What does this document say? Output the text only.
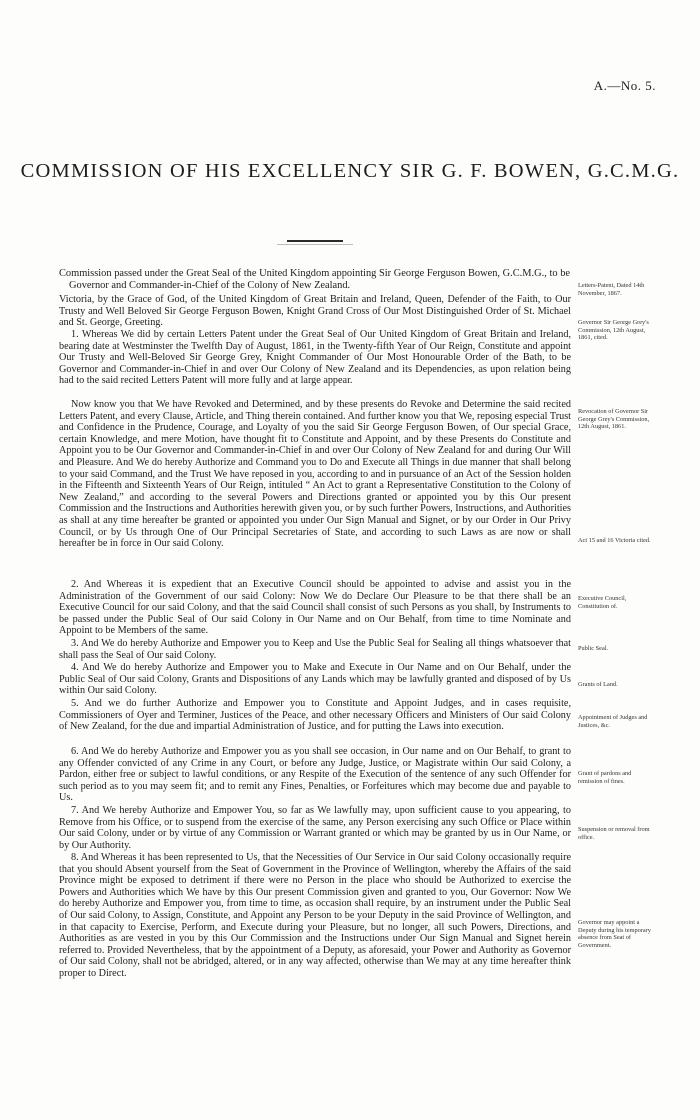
A.—No. 5.
COMMISSION OF HIS EXCELLENCY SIR G. F. BOWEN, G.C.M.G.

Commission passed under the Great Seal of the United Kingdom appointing Sir George Ferguson Bowen, G.C.M.G., to be Governor and Commander-in-Chief of the Colony of New Zealand.

Victoria, by the Grace of God, of the United Kingdom of Great Britain and Ireland, Queen, Defender of the Faith, to Our Trusty and Well Beloved Sir George Ferguson Bowen, Knight Grand Cross of Our Most Distinguished Order of St. Michael and St. George, Greeting.

1. Whereas We did by certain Letters Patent under the Great Seal of Our United Kingdom of Great Britain and Ireland, bearing date at Westminster the Twelfth Day of August, 1861, in the Twenty-fifth Year of Our Reign, Constitute and appoint Our Trusty and Well-Beloved Sir George Grey, Knight Commander of Our Most Honourable Order of the Bath, to be Governor and Commander-in-Chief in and over Our Colony of New Zealand and its Dependencies, as upon relation being had to the said recited Letters Patent will more fully and at large appear.

Now know you that We have Revoked and Determined, and by these presents do Revoke and Determine the said recited Letters Patent, and every Clause, Article, and Thing therein contained. And further know you that We, reposing especial Trust and Confidence in the Prudence, Courage, and Loyalty of you the said Sir George Ferguson Bowen, of Our special Grace, certain Knowledge, and mere Motion, have thought fit to Constitute and Appoint, and by these Presents do Constitute and Appoint you to be Our Governor and Commander-in-Chief in and over Our Colony of New Zealand for and during Our Will and Pleasure. And We do hereby Authorize and Command you to Do and Execute all Things in due manner that shall belong to your said Command, and the Trust We have reposed in you, according to and in pursuance of an Act of the Session holden in the Fifteenth and Sixteenth Years of Our Reign, intituled “ An Act to grant a Representative Constitution to the Colony of New Zealand,” and according to the several Powers and Directions granted or appointed you by this Our present Commission and the Instructions and Authorities herewith given you, or by such further Powers, Instructions, and Authorities as shall at any time hereafter be granted or appointed you under Our Sign Manual and Signet, or by our Order in Our Privy Council, or by Us through One of Our Principal Secretaries of State, and according to such Laws as are now or shall hereafter be in force in Our said Colony.

2. And Whereas it is expedient that an Executive Council should be appointed to advise and assist you in the Administration of the Government of our said Colony: Now We do Declare Our Pleasure to be that there shall be an Executive Council for our said Colony, and that the said Council shall consist of such Persons as you shall, by Instruments to be passed under the Public Seal of Our said Colony in Our Name and on Our Behalf, from time to time Nominate and Appoint to be Members of the same.

3. And We do hereby Authorize and Empower you to Keep and Use the Public Seal for Sealing all things whatsoever that shall pass the Seal of Our said Colony.

4. And We do hereby Authorize and Empower you to Make and Execute in Our Name and on Our Behalf, under the Public Seal of Our said Colony, Grants and Dispositions of any Lands which may be lawfully granted and disposed of by Us within Our said Colony.

5. And we do further Authorize and Empower you to Constitute and Appoint Judges, and in cases requisite, Commissioners of Oyer and Terminer, Justices of the Peace, and other necessary Officers and Ministers of Our said Colony of New Zealand, for the due and impartial Administration of Justice, and for putting the Laws into execution.

6. And We do hereby Authorize and Empower you as you shall see occasion, in Our name and on Our Behalf, to grant to any Offender convicted of any Crime in any Court, or before any Judge, Justice, or Magistrate within Our said Colony, a Pardon, either free or subject to lawful conditions, or any Respite of the Execution of the sentence of any such Offender for such period as to you may seem fit; and to remit any Fines, Penalties, or Forfeitures which may become due and payable to Us.

7. And We hereby Authorize and Empower You, so far as We lawfully may, upon sufficient cause to you appearing, to Remove from his Office, or to suspend from the exercise of the same, any Person exercising any such Office or Place within Our said Colony, under or by virtue of any Commission or Warrant granted or which may be granted by us in Our Name, or by Our Authority.

8. And Whereas it has been represented to Us, that the Necessities of Our Service in Our said Colony occasionally require that you should Absent yourself from the Seat of Government in the Province of Wellington, whereby the Affairs of the said Province might be exposed to detriment if there were no Person in the place who should be Authorized to exercise the Powers and Authorities which We have by this Our present Commission given and granted to you, Our Governor: Now We do hereby Authorize and Empower you, from time to time, as occasion shall require, by an instrument under the Public Seal of Our said Colony, to Assign, Constitute, and Appoint any Person to be your Deputy in the said Province of Wellington, and in that capacity to Exercise, Perform, and Execute during your Pleasure, but no longer, all such Powers, Directions, and Authorities as are vested in you by this Our Commission and the Instructions under Our Sign Manual and Signet herein referred to. Provided Nevertheless, that by the appointment of a Deputy, as aforesaid, your Power and Authority as Governor of Our said Colony, shall not be abridged, altered, or in any way affected, otherwise than We may at any time hereafter think proper to Direct.

Letters-Patent, Dated 14th November, 1867.
Governor Sir George Grey's Commission, 12th August, 1861, cited.
Revocation of Governor Sir George Grey's Commission, 12th August, 1861.
Act 15 and 16 Victoria cited.
Executive Council, Constitution of.
Public Seal.
Grants of Land.
Appointment of Judges and Justices, &c.
Grant of pardons and remission of fines.
Suspension or removal from office.
Governor may appoint a Deputy during his temporary absence from Seat of Government.
